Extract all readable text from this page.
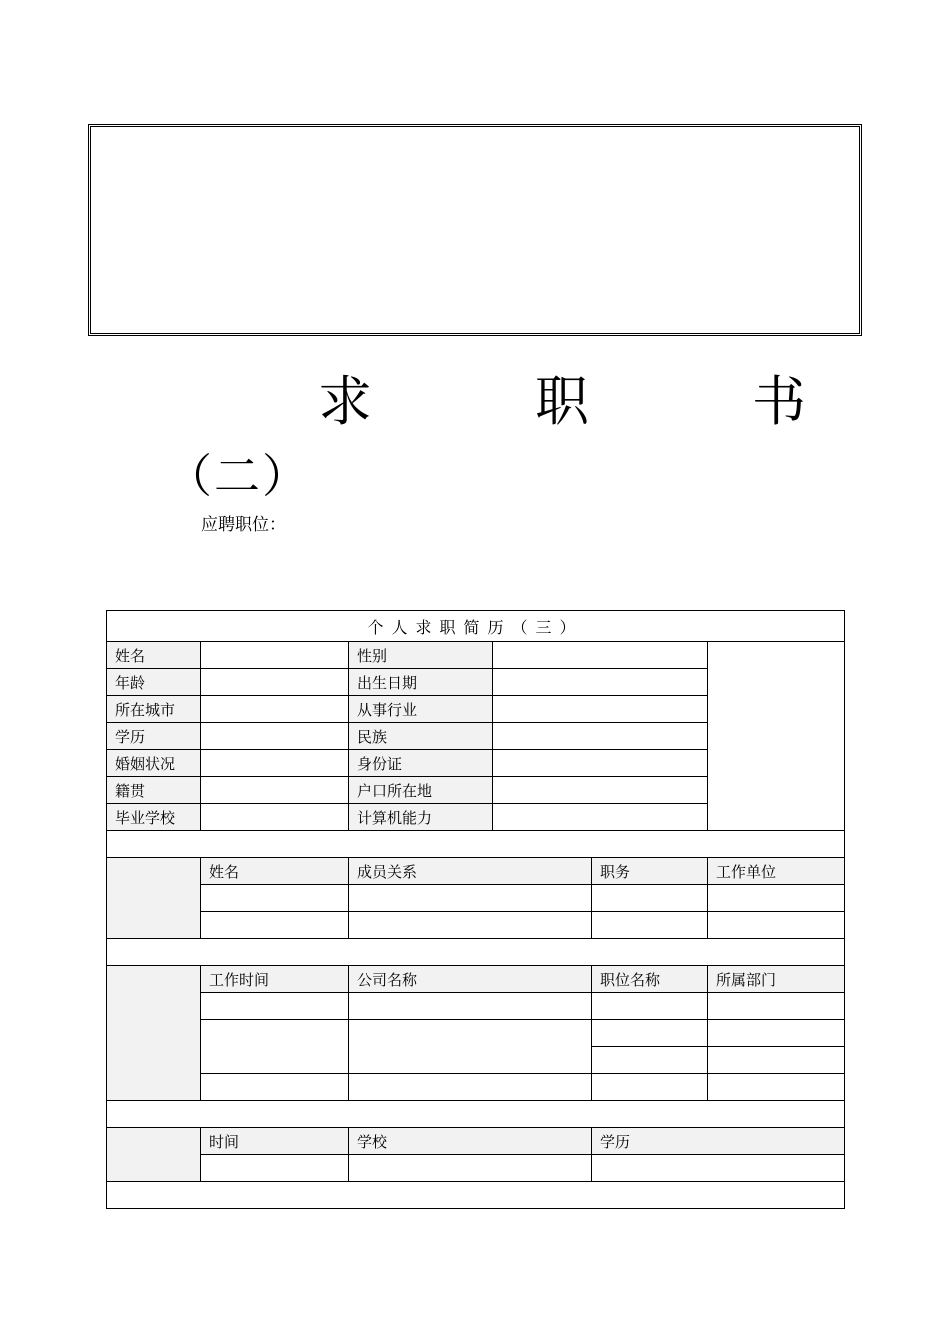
求	职	书
（二）
应聘职位：
个人求职简历（三）					
姓名		性别			
年龄		出生日期			
所在城市		从事行业			
学历		民族			
婚姻状况		身份证			
籍贯		户口所在地			
毕业学校		计算机能力			

	姓名	成员关系		职务	工作单位

	工作时间	公司名称		职位名称	所属部门

	时间	学校		学历	
